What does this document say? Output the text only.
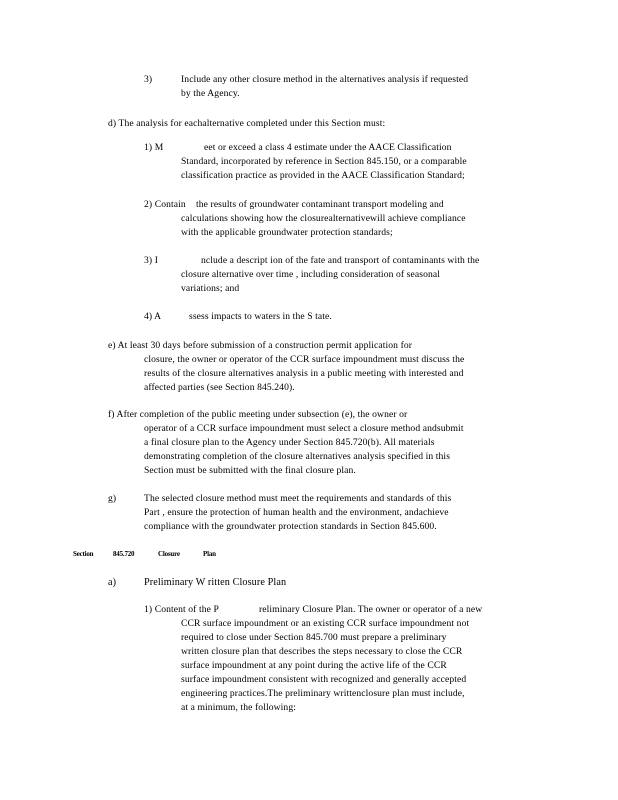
3)	Include any other closure method in the alternatives analysis if requested
by the Agency.
d) The analysis for eachalternative completed under this Section must:
1) M	eet or exceed a class 4 estimate under the AACE Classification
Standard, incorporated by reference in Section 845.150, or a comparable
classification practice as provided in the AACE Classification Standard;
2) Contain the results of groundwater contaminant transport modeling and
calculations showing how the closurealternativewill achieve compliance
with the applicable groundwater protection standards;
3) I	nclude a descript ion of the fate and transport of contaminants with the
closure alternative over time , including consideration of seasonal
variations; and
4) A	ssess impacts to waters in the S tate.
e) At least 30 days before submission of a construction permit application for
closure, the owner or operator of the CCR surface impoundment must discuss the
results of the closure alternatives analysis in a public meeting with interested and
affected parties (see Section 845.240).
f) After completion of the public meeting under subsection (e), the owner or
operator of a CCR surface impoundment must select a closure method andsubmit
a final closure plan to the Agency under Section 845.720(b). All materials
demonstrating completion of the closure alternatives analysis specified in this
Section must be submitted with the final closure plan.
g)	The selected closure method must meet the requirements and standards of this
Part , ensure the protection of human health and the environment, andachieve
compliance with the groundwater protection standards in Section 845.600.
Section	845.720	Closure	Plan
a)	Preliminary W ritten Closure Plan
1) Content of the P	reliminary Closure Plan. The owner or operator of a new
CCR surface impoundment or an existing CCR surface impoundment not
required to close under Section 845.700 must prepare a preliminary
written closure plan that describes the steps necessary to close the CCR
surface impoundment at any point during the active life of the CCR
surface impoundment consistent with recognized and generally accepted
engineering practices.The preliminary writtenclosure plan must include,
at a minimum, the following:
